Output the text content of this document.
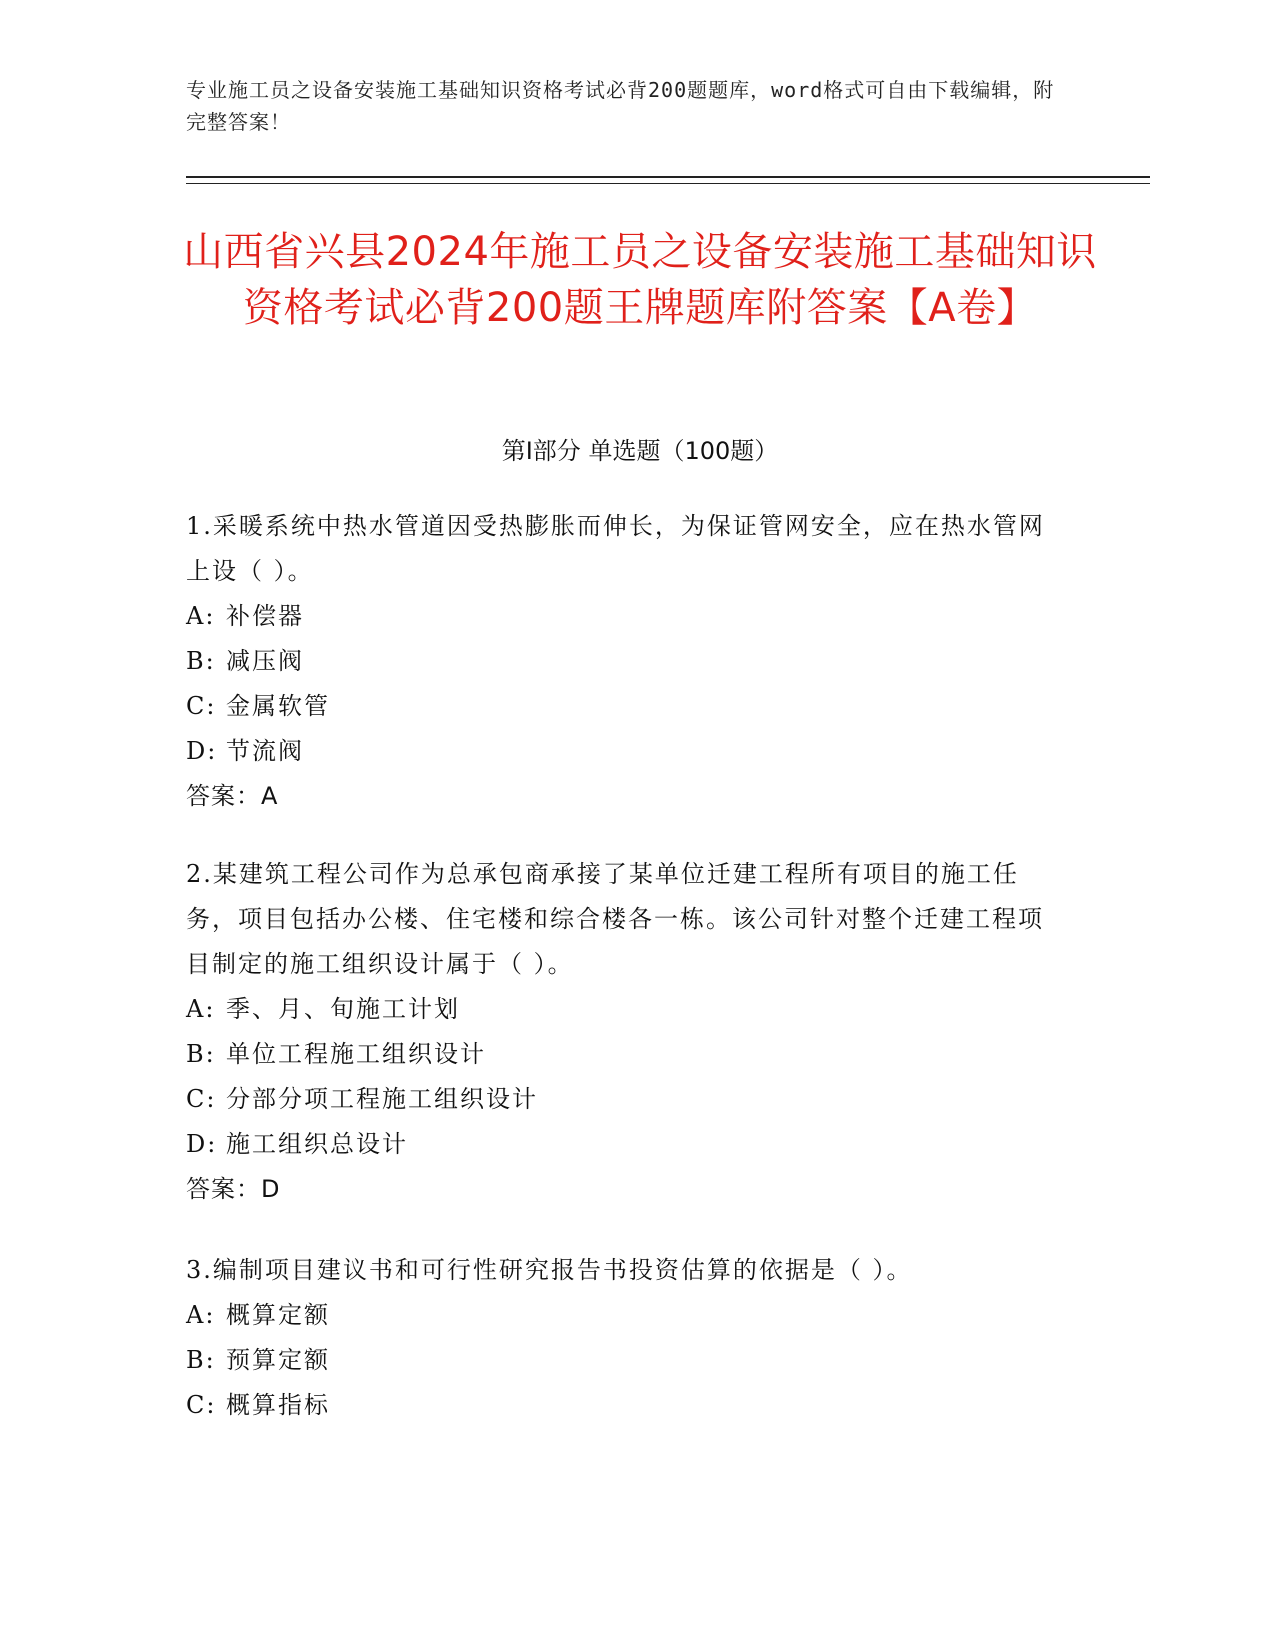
专业施工员之设备安装施工基础知识资格考试必背200题题库，word格式可自由下载编辑，附完整答案！
山西省兴县2024年施工员之设备安装施工基础知识资格考试必背200题王牌题库附答案【A卷】
第Ⅰ部分 单选题（100题）

1.采暖系统中热水管道因受热膨胀而伸长，为保证管网安全，应在热水管网上设（ ）。

A: 补偿器

B: 减压阀

C: 金属软管

D: 节流阀

答案：A

2.某建筑工程公司作为总承包商承接了某单位迁建工程所有项目的施工任务，项目包括办公楼、住宅楼和综合楼各一栋。该公司针对整个迁建工程项目制定的施工组织设计属于（ ）。

A: 季、月、旬施工计划

B: 单位工程施工组织设计

C: 分部分项工程施工组织设计

D: 施工组织总设计

答案：D

3.编制项目建议书和可行性研究报告书投资估算的依据是（ ）。

A: 概算定额

B: 预算定额

C: 概算指标
